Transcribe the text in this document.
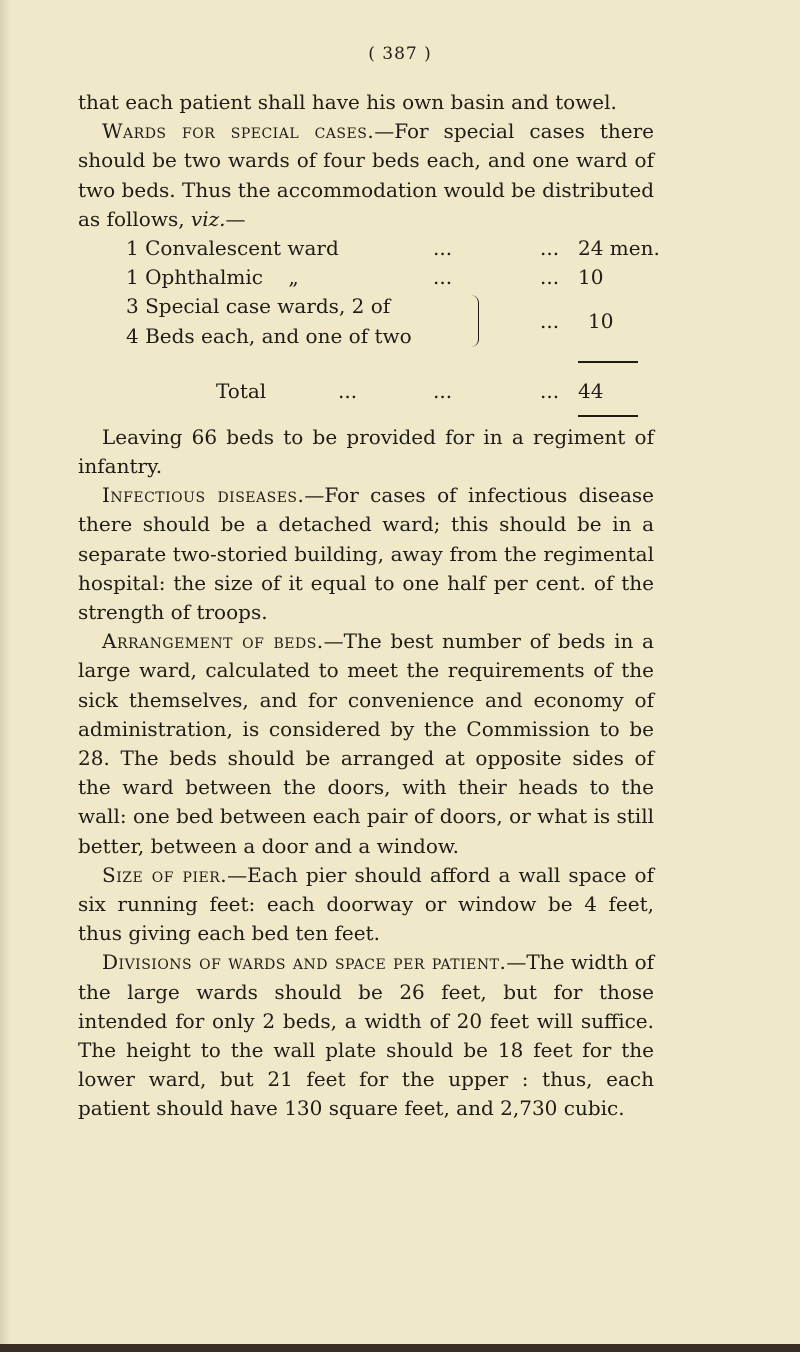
( 387 )

that each patient shall have his own basin and towel.

Wards for special cases.—For special cases there should be two wards of four beds each, and one ward of two beds. Thus the accommodation would be distributed as follows, viz.—

1 Convalescent ward	...	... 24 men.
1 Ophthalmic    „	...	... 10
3 Special case wards, 2 of
4 Beds each, and one of two
... 10
Total	...	...	... 44

Leaving 66 beds to be provided for in a regiment of infantry.

Infectious diseases.—For cases of infectious disease there should be a detached ward; this should be in a separate two-storied building, away from the regimental hospital: the size of it equal to one half per cent. of the strength of troops.

Arrangement of beds.—The best number of beds in a large ward, calculated to meet the requirements of the sick themselves, and for convenience and economy of administration, is considered by the Commission to be 28. The beds should be arranged at opposite sides of the ward between the doors, with their heads to the wall: one bed between each pair of doors, or what is still better, between a door and a window.

Size of pier.—Each pier should afford a wall space of six running feet: each doorway or window be 4 feet, thus giving each bed ten feet.

Divisions of wards and space per patient.—The width of the large wards should be 26 feet, but for those intended for only 2 beds, a width of 20 feet will suffice. The height to the wall plate should be 18 feet for the lower ward, but 21 feet for the upper : thus, each patient should have 130 square feet, and 2,730 cubic.
